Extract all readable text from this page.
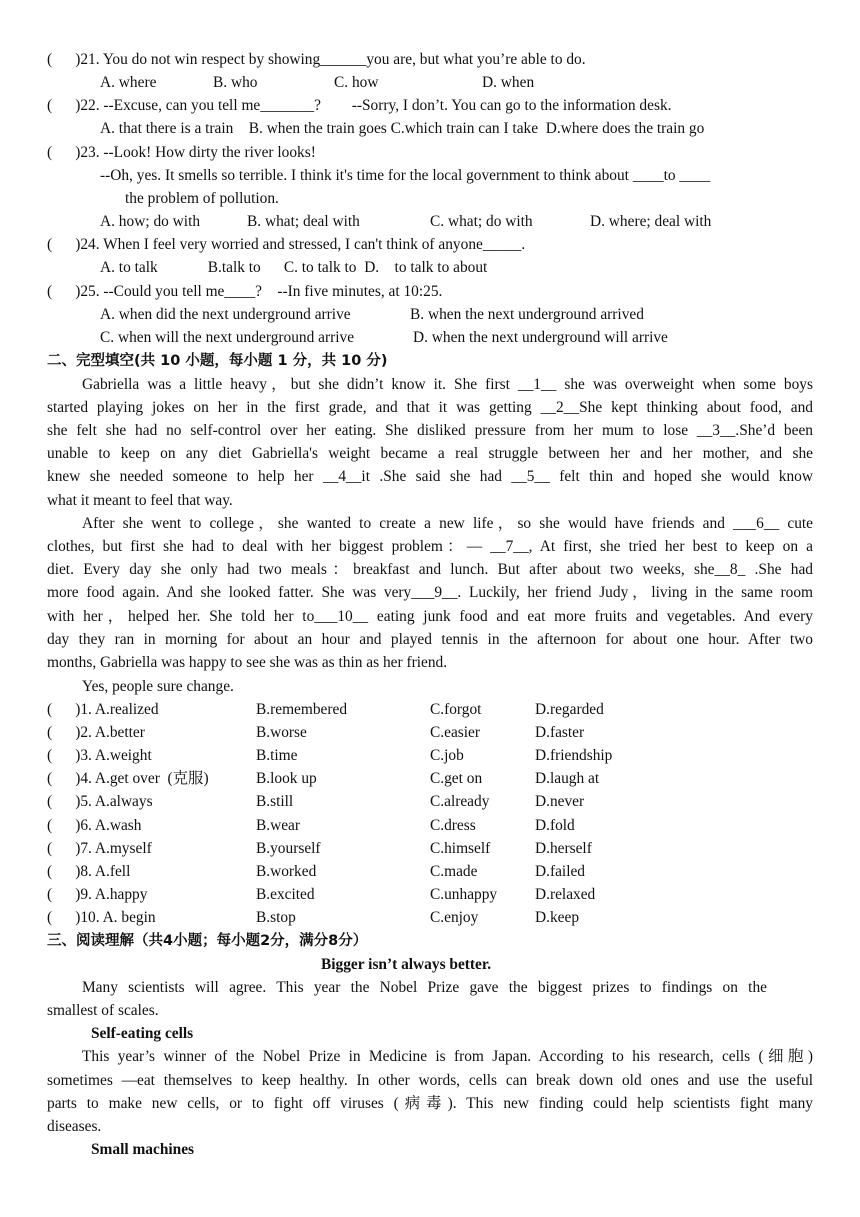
(      )21. You do not win respect by showing______you are, but what you’re able to do.
A. where	B. who	C. how	D. when
(      )22. --Excuse, can you tell me_______?        --Sorry, I don’t. You can go to the information desk.
A. that there is a train    B. when the train goes C.which train can I take  D.where does the train go
(      )23. --Look! How dirty the river looks!
--Oh, yes. It smells so terrible. I think it's time for the local government to think about ____to ____
the problem of pollution.
A. how; do with	B. what; deal with	C. what; do with	D. where; deal with
(      )24. When I feel very worried and stressed, I can't think of anyone_____.
A. to talk             B.talk to      C. to talk to  D.    to talk to about
(      )25. --Could you tell me____?    --In five minutes, at 10:25.
A. when did the next underground arrive	B. when the next underground arrived
C. when will the next underground arrive	D. when the next underground will arrive
二、完型填空(共 10 小题，每小题 1 分，共 10 分)
Gabriella was a little heavy，but she didn’t know it. She first __1__ she was overweight when some boys
started playing jokes on her in the first grade, and that it was getting __2__She kept thinking about food, and
she felt she had no self-control over her eating. She disliked pressure from her mum to lose __3__.She’d been
unable to keep on any diet Gabriella's weight became a real struggle between her and her mother, and she
knew she needed someone to help her __4__it .She said she had __5__ felt thin and hoped she would know
what it meant to feel that way.
After she went to college，she wanted to create a new life，so she would have friends and ___6__ cute
clothes, but first she had to deal with her biggest problem：— __7__, At first, she tried her best to keep on a
diet. Every day she only had two meals：breakfast and lunch. But after about two weeks, she__8_ .She had
more food again. And she looked fatter. She was very___9__. Luckily, her friend Judy，living in the same room
with her，helped her. She told her to___10__ eating junk food and eat more fruits and vegetables. And every
day they ran in morning for about an hour and played tennis in the afternoon for about one hour. After two
months, Gabriella was happy to see she was as thin as her friend.
Yes, people sure change.
(      )1. A.realized	B.remembered	C.forgot	D.regarded
(      )2. A.better	B.worse	C.easier	D.faster
(      )3. A.weight	B.time	C.job	D.friendship
(      )4. A.get over  (克服)	B.look up	C.get on	D.laugh at
(      )5. A.always	B.still	C.already	D.never
(      )6. A.wash	B.wear	C.dress	D.fold
(      )7. A.myself	B.yourself	C.himself	D.herself
(      )8. A.fell	B.worked	C.made	D.failed
(      )9. A.happy	B.excited	C.unhappy D.relaxed
(      )10. A. begin	B.stop	C.enjoy	D.keep
三、阅读理解（共4小题；每小题2分，满分8分）
Bigger isn’t always better.
Many scientists will agree. This year the Nobel Prize gave the biggest prizes to findings on the
smallest of scales.
Self-eating cells
This year’s winner of the Nobel Prize in Medicine is from Japan. According to his research, cells (细胞)
sometimes ―eat themselves to keep healthy. In other words, cells can break down old ones and use the useful
parts to make new cells, or to fight off viruses (病毒). This new finding could help scientists fight many
diseases.
Small machines
